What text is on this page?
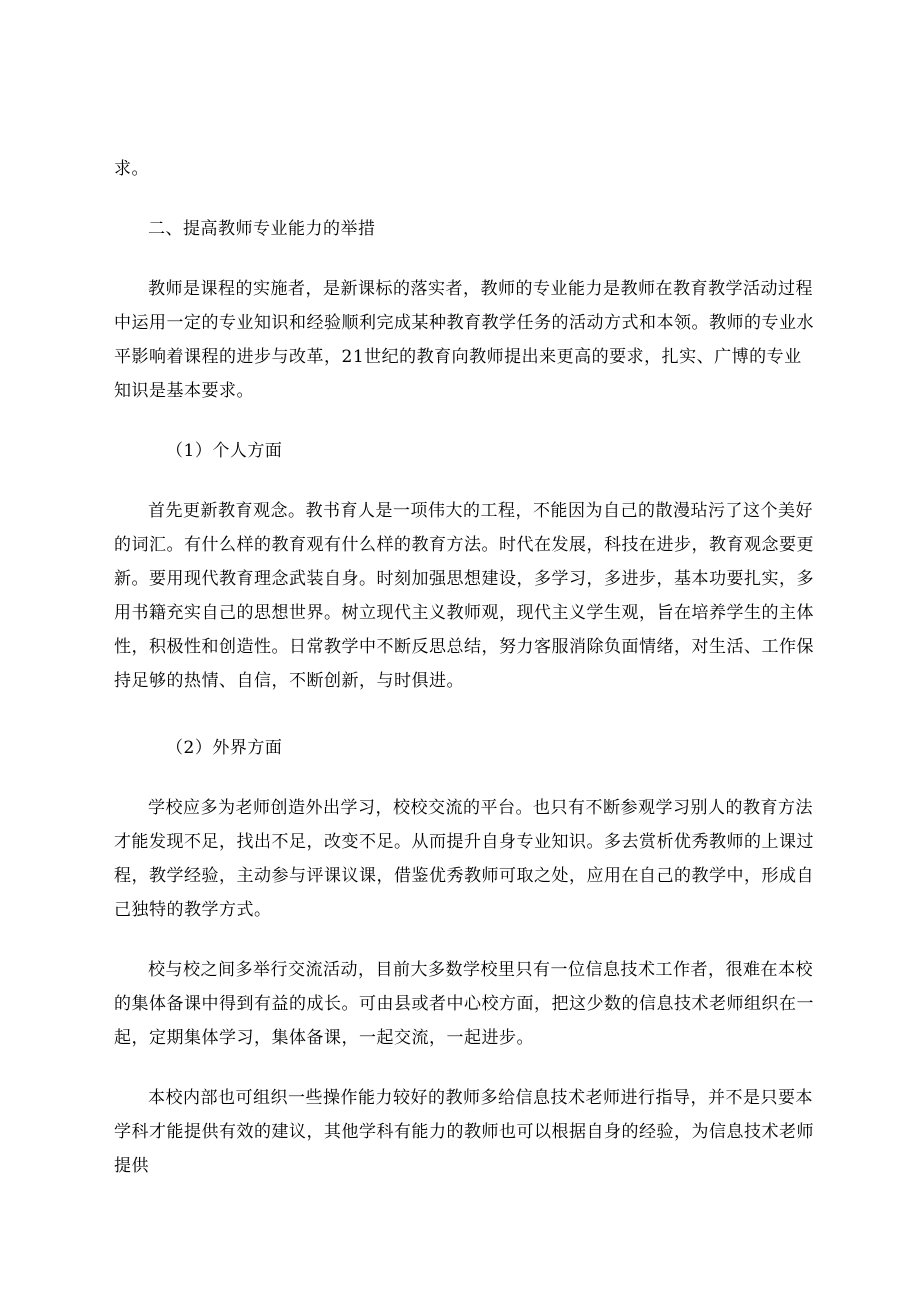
求。

二、提高教师专业能力的举措

教师是课程的实施者，是新课标的落实者，教师的专业能力是教师在教育教学活动过程中运用一定的专业知识和经验顺利完成某种教育教学任务的活动方式和本领。教师的专业水平影响着课程的进步与改革，21世纪的教育向教师提出来更高的要求，扎实、广博的专业知识是基本要求。

（1）个人方面

首先更新教育观念。教书育人是一项伟大的工程，不能因为自己的散漫玷污了这个美好的词汇。有什么样的教育观有什么样的教育方法。时代在发展，科技在进步，教育观念要更新。要用现代教育理念武装自身。时刻加强思想建设，多学习，多进步，基本功要扎实，多用书籍充实自己的思想世界。树立现代主义教师观，现代主义学生观，旨在培养学生的主体性，积极性和创造性。日常教学中不断反思总结，努力客服消除负面情绪，对生活、工作保持足够的热情、自信，不断创新，与时俱进。

（2）外界方面

学校应多为老师创造外出学习，校校交流的平台。也只有不断参观学习别人的教育方法才能发现不足，找出不足，改变不足。从而提升自身专业知识。多去赏析优秀教师的上课过程，教学经验，主动参与评课议课，借鉴优秀教师可取之处，应用在自己的教学中，形成自己独特的教学方式。

校与校之间多举行交流活动，目前大多数学校里只有一位信息技术工作者，很难在本校的集体备课中得到有益的成长。可由县或者中心校方面，把这少数的信息技术老师组织在一起，定期集体学习，集体备课，一起交流，一起进步。

本校内部也可组织一些操作能力较好的教师多给信息技术老师进行指导，并不是只要本学科才能提供有效的建议，其他学科有能力的教师也可以根据自身的经验，为信息技术老师提供
